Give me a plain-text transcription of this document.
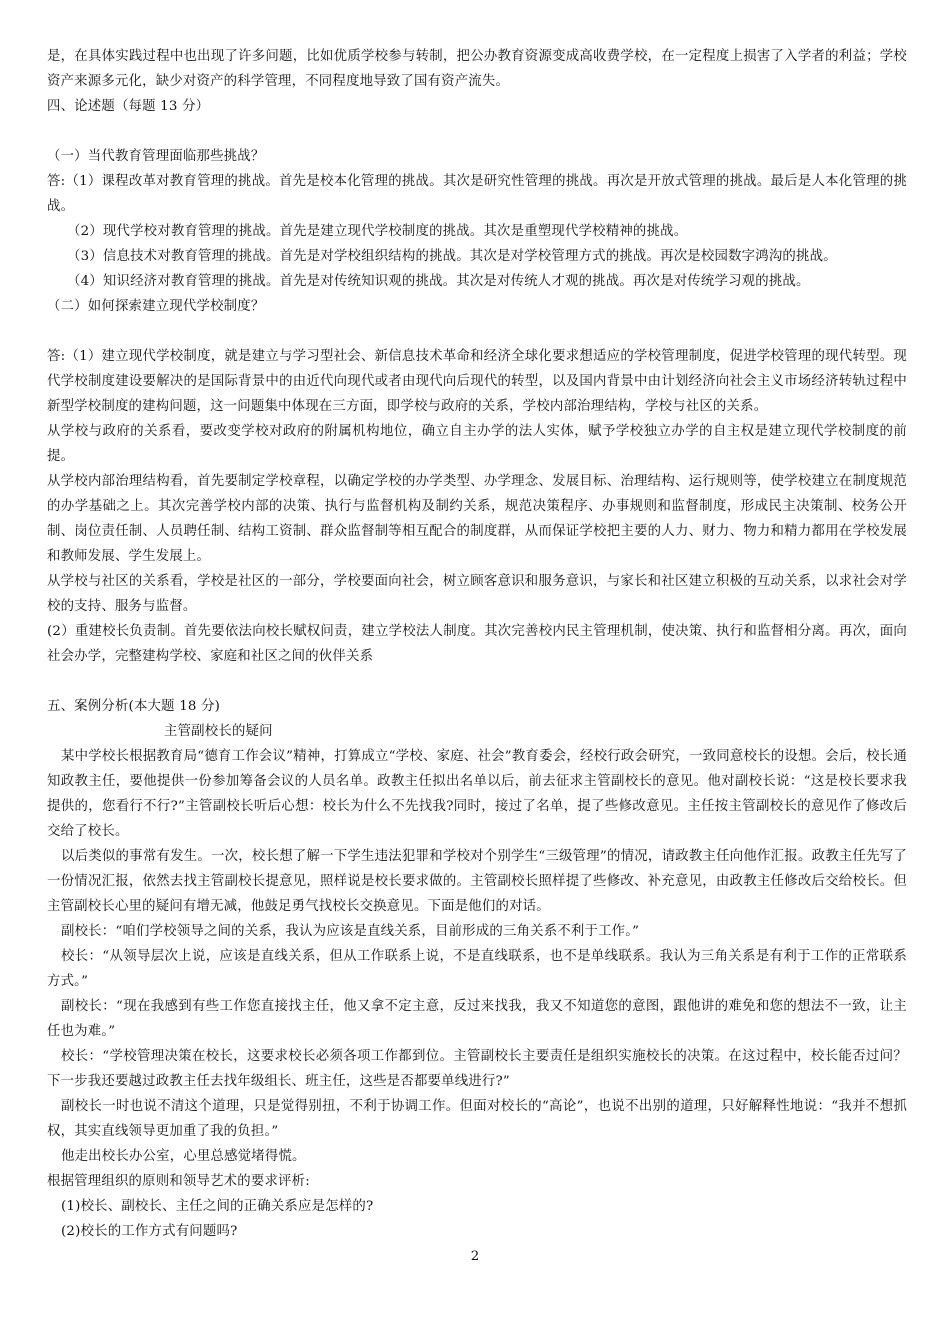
是，在具体实践过程中也出现了许多问题，比如优质学校参与转制，把公办教育资源变成高收费学校，在一定程度上损害了入学者的利益；学校资产来源多元化，缺少对资产的科学管理，不同程度地导致了国有资产流失。

四、论述题（每题 13 分）

（一）当代教育管理面临那些挑战？

答:（1）课程改革对教育管理的挑战。首先是校本化管理的挑战。其次是研究性管理的挑战。再次是开放式管理的挑战。最后是人本化管理的挑战。

（2）现代学校对教育管理的挑战。首先是建立现代学校制度的挑战。其次是重塑现代学校精神的挑战。

（3）信息技术对教育管理的挑战。首先是对学校组织结构的挑战。其次是对学校管理方式的挑战。再次是校园数字鸿沟的挑战。

（4）知识经济对教育管理的挑战。首先是对传统知识观的挑战。其次是对传统人才观的挑战。再次是对传统学习观的挑战。

（二）如何探索建立现代学校制度？

答:（1）建立现代学校制度，就是建立与学习型社会、新信息技术革命和经济全球化要求想适应的学校管理制度，促进学校管理的现代转型。现代学校制度建设要解决的是国际背景中的由近代向现代或者由现代向后现代的转型，以及国内背景中由计划经济向社会主义市场经济转轨过程中新型学校制度的建构问题，这一问题集中体现在三方面，即学校与政府的关系，学校内部治理结构，学校与社区的关系。

从学校与政府的关系看，要改变学校对政府的附属机构地位，确立自主办学的法人实体，赋予学校独立办学的自主权是建立现代学校制度的前提。

从学校内部治理结构看，首先要制定学校章程，以确定学校的办学类型、办学理念、发展目标、治理结构、运行规则等，使学校建立在制度规范的办学基础之上。其次完善学校内部的决策、执行与监督机构及制约关系，规范决策程序、办事规则和监督制度，形成民主决策制、校务公开制、岗位责任制、人员聘任制、结构工资制、群众监督制等相互配合的制度群，从而保证学校把主要的人力、财力、物力和精力都用在学校发展和教师发展、学生发展上。

从学校与社区的关系看，学校是社区的一部分，学校要面向社会，树立顾客意识和服务意识，与家长和社区建立积极的互动关系，以求社会对学校的支持、服务与监督。

(2）重建校长负责制。首先要依法向校长赋权问责，建立学校法人制度。其次完善校内民主管理机制，使决策、执行和监督相分离。再次，面向社会办学，完整建构学校、家庭和社区之间的伙伴关系

五、案例分析(本大题 18 分)

主管副校长的疑问

某中学校长根据教育局“德育工作会议”精神，打算成立“学校、家庭、社会”教育委会，经校行政会研究，一致同意校长的设想。会后，校长通知政教主任，要他提供一份参加筹备会议的人员名单。政教主任拟出名单以后，前去征求主管副校长的意见。他对副校长说：“这是校长要求我提供的，您看行不行?”主管副校长听后心想：校长为什么不先找我?同时，接过了名单，提了些修改意见。主任按主管副校长的意见作了修改后交给了校长。

以后类似的事常有发生。一次，校长想了解一下学生违法犯罪和学校对个别学生“三级管理”的情况，请政教主任向他作汇报。政教主任先写了一份情况汇报，依然去找主管副校长提意见，照样说是校长要求做的。主管副校长照样提了些修改、补充意见，由政教主任修改后交给校长。但主管副校长心里的疑问有增无减，他鼓足勇气找校长交换意见。下面是他们的对话。

副校长：“咱们学校领导之间的关系，我认为应该是直线关系，目前形成的三角关系不利于工作。”

校长：“从领导层次上说，应该是直线关系，但从工作联系上说，不是直线联系，也不是单线联系。我认为三角关系是有利于工作的正常联系方式。”

副校长：“现在我感到有些工作您直接找主任，他又拿不定主意，反过来找我，我又不知道您的意图，跟他讲的难免和您的想法不一致，让主任也为难。”

校长：“学校管理决策在校长，这要求校长必须各项工作都到位。主管副校长主要责任是组织实施校长的决策。在这过程中，校长能否过问？下一步我还要越过政教主任去找年级组长、班主任，这些是否都要单线进行?”

副校长一时也说不清这个道理，只是觉得别扭，不利于协调工作。但面对校长的“高论”，也说不出别的道理，只好解释性地说：“我并不想抓权，其实直线领导更加重了我的负担。”

他走出校长办公室，心里总感觉堵得慌。

根据管理组织的原则和领导艺术的要求评析:

(1)校长、副校长、主任之间的正确关系应是怎样的?

(2)校长的工作方式有问题吗?

2
